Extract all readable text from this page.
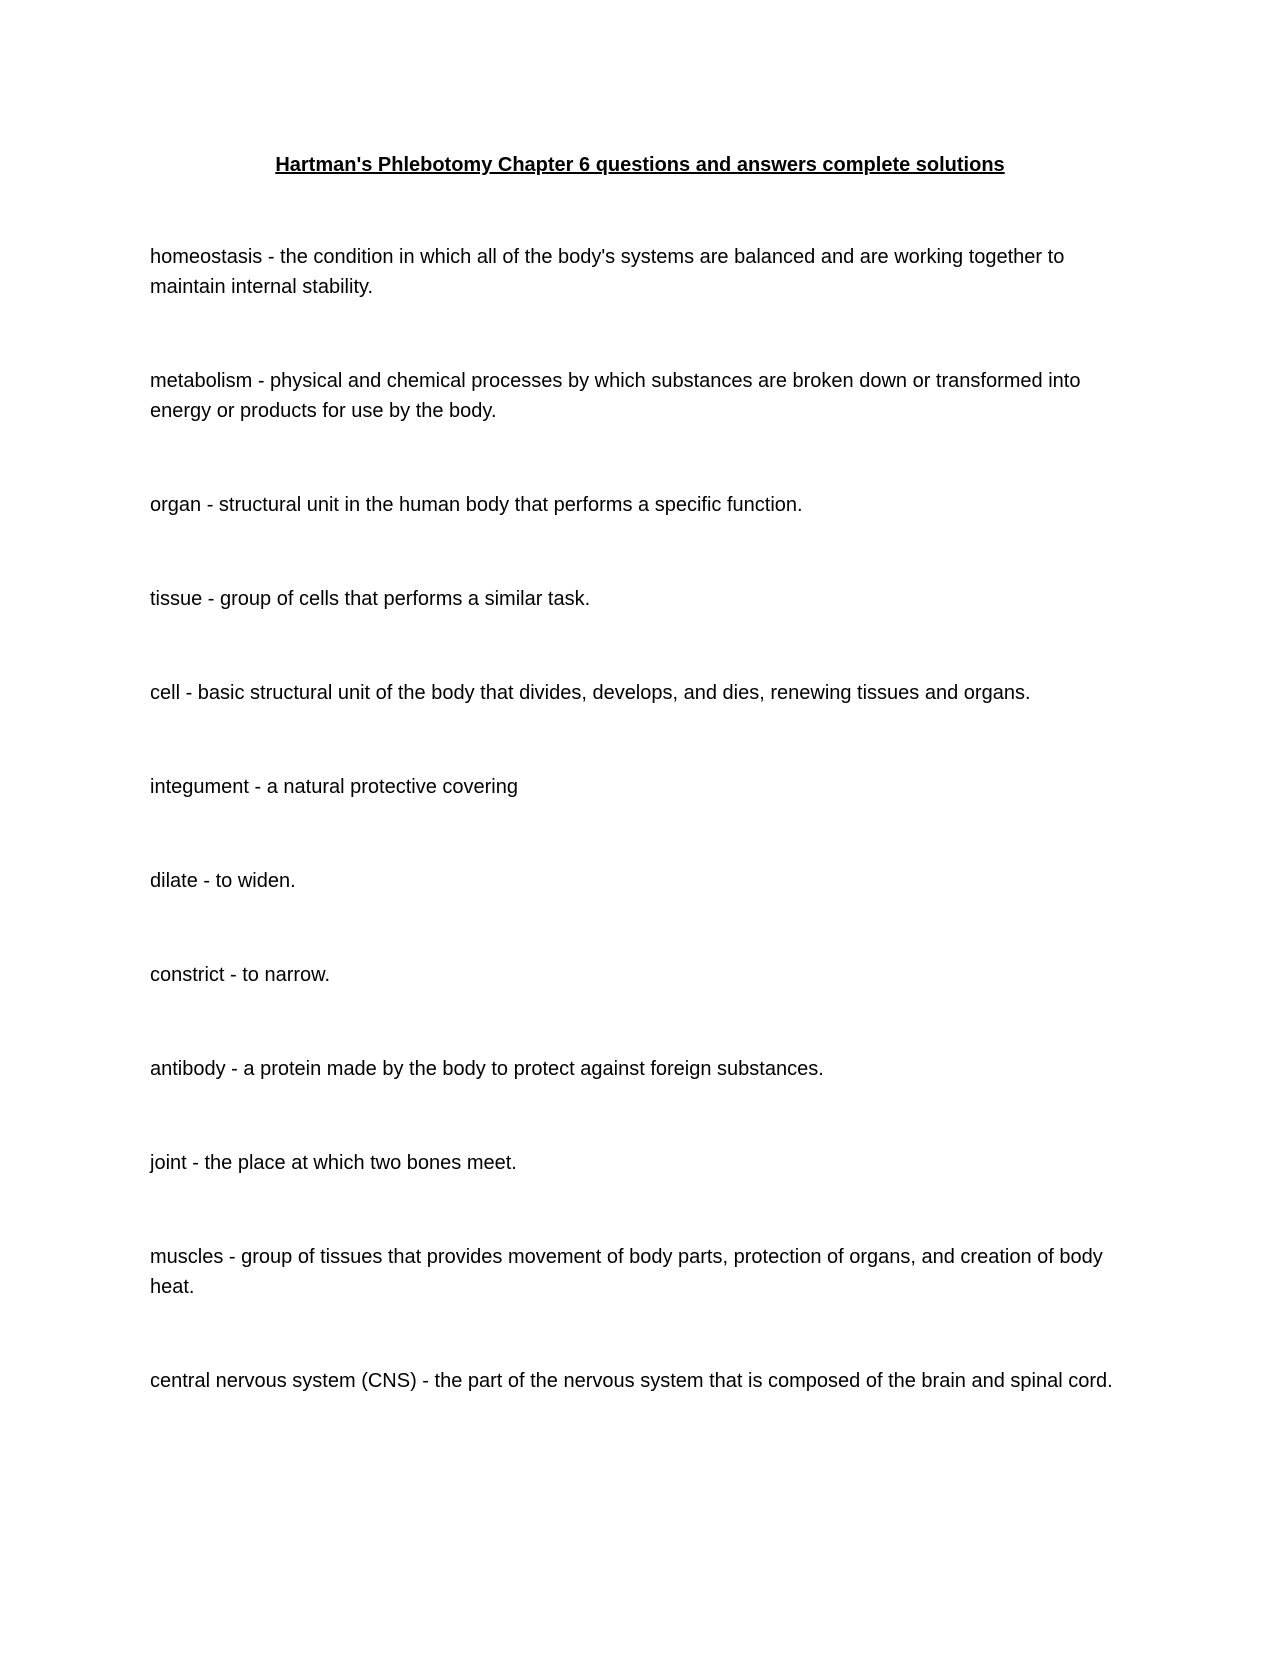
Hartman's Phlebotomy Chapter 6 questions and answers complete solutions
homeostasis - the condition in which all of the body's systems are balanced and are working together to maintain internal stability.
metabolism - physical and chemical processes by which substances are broken down or transformed into energy or products for use by the body.
organ - structural unit in the human body that performs a specific function.
tissue - group of cells that performs a similar task.
cell - basic structural unit of the body that divides, develops, and dies, renewing tissues and organs.
integument - a natural protective covering
dilate - to widen.
constrict - to narrow.
antibody - a protein made by the body to protect against foreign substances.
joint - the place at which two bones meet.
muscles - group of tissues that provides movement of body parts, protection of organs, and creation of body heat.
central nervous system (CNS) - the part of the nervous system that is composed of the brain and spinal cord.
